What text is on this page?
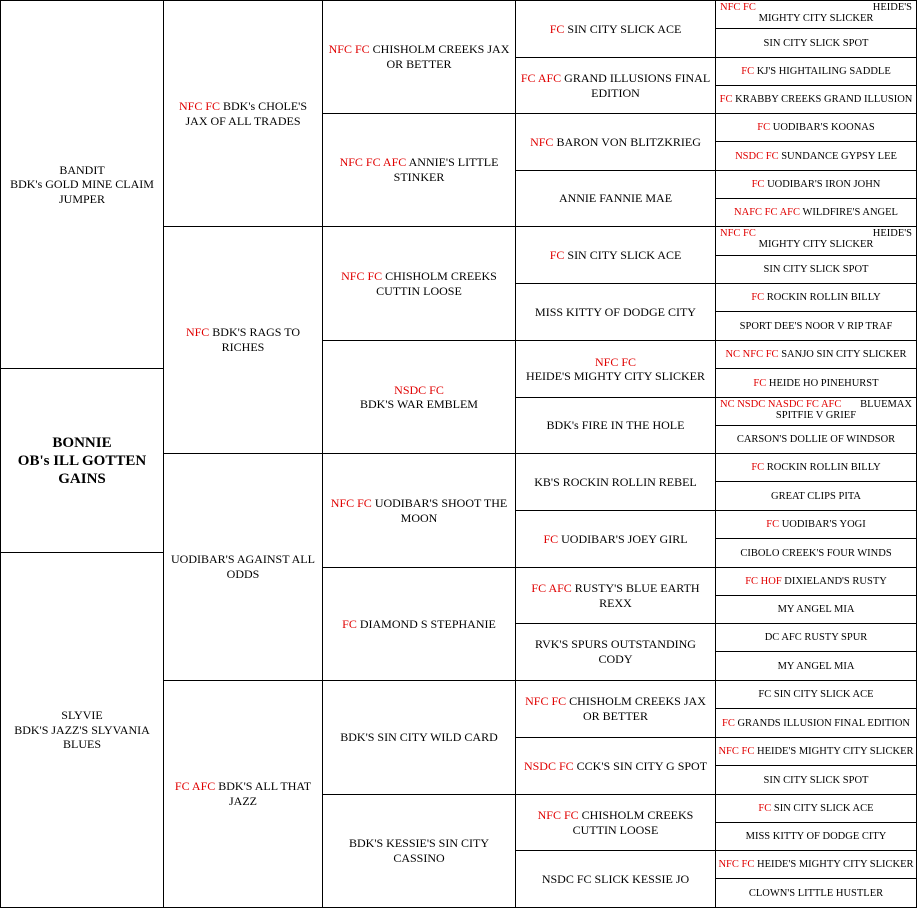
BANDIT
BDK's GOLD MINE CLAIM
JUMPER
BONNIE
OB's ILL GOTTEN
GAINS
SLYVIE
BDK'S JAZZ'S SLYVANIA
BLUES
NFC FC BDK's CHOLE'S JAX OF ALL TRADES
NFC BDK'S RAGS TO RICHES
UODIBAR'S AGAINST ALL ODDS
FC AFC BDK'S ALL THAT JAZZ
NFC FC CHISHOLM CREEKS JAX OR BETTER
NFC FC AFC ANNIE'S LITTLE STINKER
NFC FC CHISHOLM CREEKS CUTTIN LOOSE
NSDC FC
BDK'S WAR EMBLEM
NFC FC UODIBAR'S SHOOT THE MOON
FC DIAMOND S STEPHANIE
BDK'S SIN CITY WILD CARD
BDK'S KESSIE'S SIN CITY CASSINO
FC SIN CITY SLICK ACE
FC AFC GRAND ILLUSIONS FINAL EDITION
NFC BARON VON BLITZKRIEG
ANNIE FANNIE MAE
FC SIN CITY SLICK ACE
MISS KITTY OF DODGE CITY
NFC FC
HEIDE'S MIGHTY CITY SLICKER
BDK's FIRE IN THE HOLE
KB'S ROCKIN ROLLIN REBEL
FC UODIBAR'S JOEY GIRL
FC AFC RUSTY'S BLUE EARTH REXX
RVK'S SPURS OUTSTANDING CODY
NFC FC CHISHOLM CREEKS JAX OR BETTER
NSDC FC CCK'S SIN CITY G SPOT
NFC FC CHISHOLM CREEKS CUTTIN LOOSE
NSDC FC SLICK KESSIE JO
NFC FC	HEIDE'S
MIGHTY CITY SLICKER
SIN CITY SLICK SPOT
FC KJ'S HIGHTAILING SADDLE
FC KRABBY CREEKS GRAND ILLUSION
FC UODIBAR'S KOONAS
NSDC FC SUNDANCE GYPSY LEE
FC UODIBAR'S IRON JOHN
NAFC FC AFC WILDFIRE'S ANGEL
NFC FC	HEIDE'S
MIGHTY CITY SLICKER
SIN CITY SLICK SPOT
FC ROCKIN ROLLIN BILLY
SPORT DEE'S NOOR V RIP TRAF
NC NFC FC SANJO SIN CITY SLICKER
FC HEIDE HO PINEHURST
NC NSDC NASDC FC AFC BLUEMAX
SPITFIE V GRIEF
CARSON'S DOLLIE OF WINDSOR
FC ROCKIN ROLLIN BILLY
GREAT CLIPS PITA
FC UODIBAR'S YOGI
CIBOLO CREEK'S FOUR WINDS
FC HOF DIXIELAND'S RUSTY
MY ANGEL MIA
DC AFC RUSTY SPUR
MY ANGEL MIA
FC SIN CITY SLICK ACE
FC GRANDS ILLUSION FINAL EDITION
NFC FC HEIDE'S MIGHTY CITY SLICKER
SIN CITY SLICK SPOT
FC SIN CITY SLICK ACE
MISS KITTY OF DODGE CITY
NFC FC HEIDE'S MIGHTY CITY SLICKER
CLOWN'S LITTLE HUSTLER
